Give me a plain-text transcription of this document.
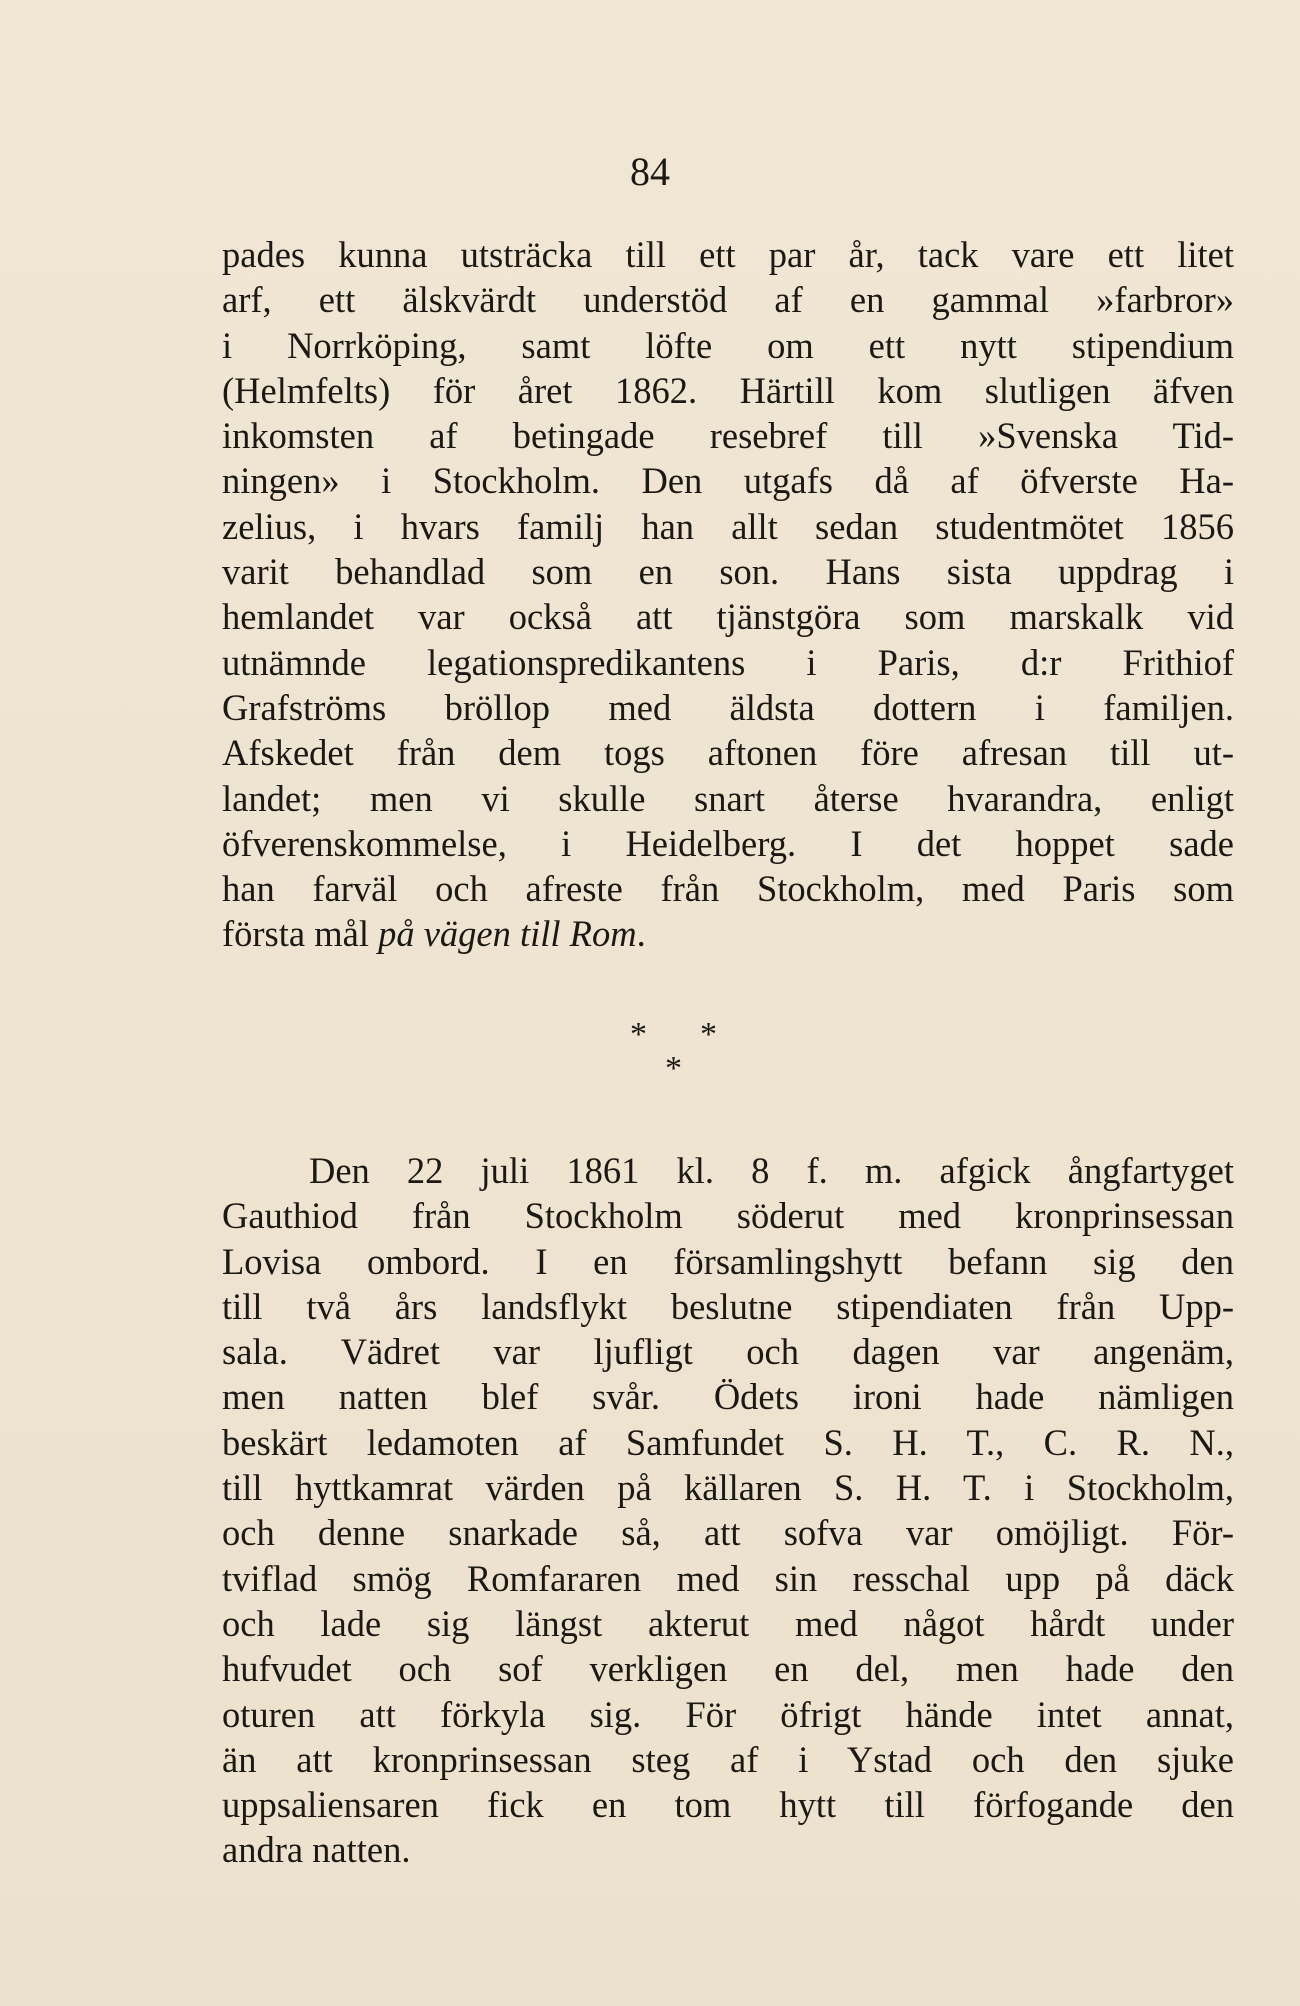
84

pades kunna utsträcka till ett par år, tack vare ett litet

arf, ett älskvärdt understöd af en gammal »farbror»

i Norrköping, samt löfte om ett nytt stipendium

(Helmfelts) för året 1862. Härtill kom slutligen äfven

inkomsten af betingade resebref till »Svenska Tid-

ningen» i Stockholm. Den utgafs då af öfverste Ha-

zelius, i hvars familj han allt sedan studentmötet 1856

varit behandlad som en son. Hans sista uppdrag i

hemlandet var också att tjänstgöra som marskalk vid

utnämnde legationspredikantens i Paris, d:r Frithiof

Grafströms bröllop med äldsta dottern i familjen.

Afskedet från dem togs aftonen före afresan till ut-

landet; men vi skulle snart återse hvarandra, enligt

öfverenskommelse, i Heidelberg. I det hoppet sade

han farväl och afreste från Stockholm, med Paris som

första mål på vägen till Rom.

* *
*

Den 22 juli 1861 kl. 8 f. m. afgick ångfartyget

Gauthiod från Stockholm söderut med kronprinsessan

Lovisa ombord. I en församlingshytt befann sig den

till två års landsflykt beslutne stipendiaten från Upp-

sala. Vädret var ljufligt och dagen var angenäm,

men natten blef svår. Ödets ironi hade nämligen

beskärt ledamoten af Samfundet S. H. T., C. R. N.,

till hyttkamrat värden på källaren S. H. T. i Stockholm,

och denne snarkade så, att sofva var omöjligt. För-

tviflad smög Romfararen med sin resschal upp på däck

och lade sig längst akterut med något hårdt under

hufvudet och sof verkligen en del, men hade den

oturen att förkyla sig. För öfrigt hände intet annat,

än att kronprinsessan steg af i Ystad och den sjuke

uppsaliensaren fick en tom hytt till förfogande den

andra natten.
